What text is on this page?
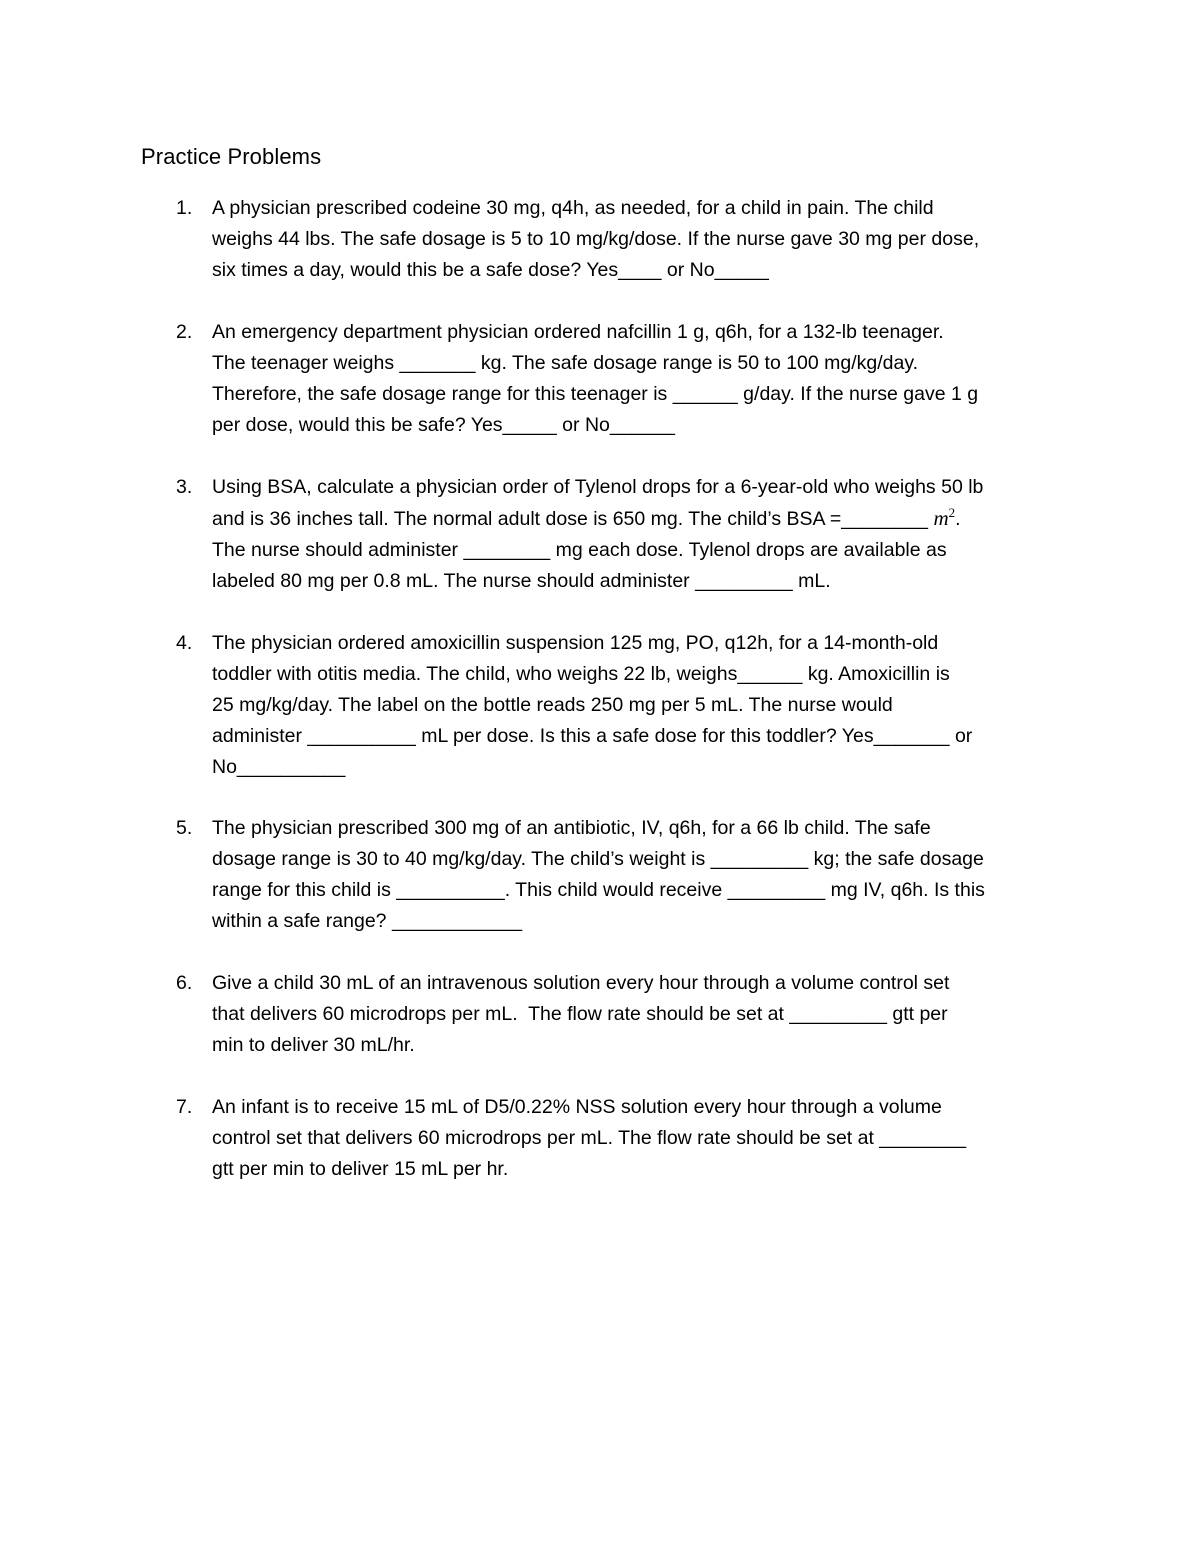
Practice Problems
1.	A physician prescribed codeine 30 mg, q4h, as needed, for a child in pain. The child
weighs 44 lbs. The safe dosage is 5 to 10 mg/kg/dose. If the nurse gave 30 mg per dose,
six times a day, would this be a safe dose? Yes____ or No_____
2.	An emergency department physician ordered nafcillin 1 g, q6h, for a 132-lb teenager.
The teenager weighs _______ kg. The safe dosage range is 50 to 100 mg/kg/day.
Therefore, the safe dosage range for this teenager is ______ g/day. If the nurse gave 1 g
per dose, would this be safe? Yes_____ or No______
3.	Using BSA, calculate a physician order of Tylenol drops for a 6-year-old who weighs 50 lb
and is 36 inches tall. The normal adult dose is 650 mg. The child’s BSA =________ $m^2$.
The nurse should administer ________ mg each dose. Tylenol drops are available as
labeled 80 mg per 0.8 mL. The nurse should administer _________ mL.
4.	The physician ordered amoxicillin suspension 125 mg, PO, q12h, for a 14-month-old
toddler with otitis media. The child, who weighs 22 lb, weighs______ kg. Amoxicillin is
25 mg/kg/day. The label on the bottle reads 250 mg per 5 mL. The nurse would
administer __________ mL per dose. Is this a safe dose for this toddler? Yes_______ or
No__________
5.	The physician prescribed 300 mg of an antibiotic, IV, q6h, for a 66 lb child. The safe
dosage range is 30 to 40 mg/kg/day. The child’s weight is _________ kg; the safe dosage
range for this child is __________. This child would receive _________ mg IV, q6h. Is this
within a safe range? ____________
6.	Give a child 30 mL of an intravenous solution every hour through a volume control set
that delivers 60 microdrops per mL.  The flow rate should be set at _________ gtt per
min to deliver 30 mL/hr.
7.	An infant is to receive 15 mL of D5/0.22% NSS solution every hour through a volume
control set that delivers 60 microdrops per mL. The flow rate should be set at ________
gtt per min to deliver 15 mL per hr.
